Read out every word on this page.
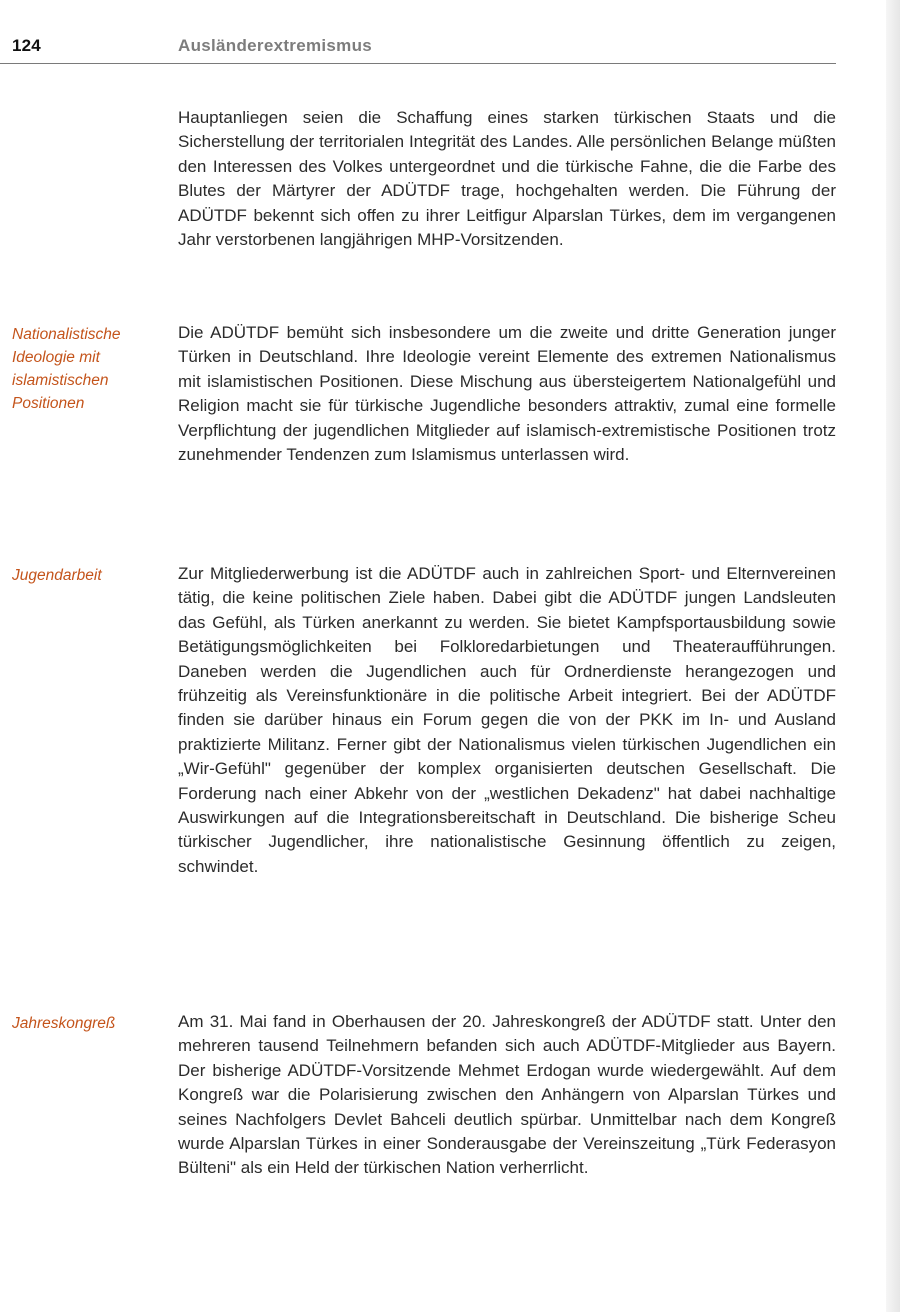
124	Ausländerextremismus

Hauptanliegen seien die Schaffung eines starken türkischen Staats und die Sicherstellung der territorialen Integrität des Landes. Alle persönlichen Belange müßten den Interessen des Volkes untergeordnet und die türkische Fahne, die die Farbe des Blutes der Märtyrer der ADÜTDF trage, hochgehalten werden. Die Führung der ADÜTDF bekennt sich offen zu ihrer Leitfigur Alparslan Türkes, dem im vergangenen Jahr verstorbenen langjährigen MHP-Vorsitzenden.

Nationalistische Ideologie mit islamistischen Positionen

Die ADÜTDF bemüht sich insbesondere um die zweite und dritte Generation junger Türken in Deutschland. Ihre Ideologie vereint Elemente des extremen Nationalismus mit islamistischen Positionen. Diese Mischung aus übersteigertem Nationalgefühl und Religion macht sie für türkische Jugendliche besonders attraktiv, zumal eine formelle Verpflichtung der jugendlichen Mitglieder auf islamisch-extremistische Positionen trotz zunehmender Tendenzen zum Islamismus unterlassen wird.

Jugendarbeit	Zur Mitgliederwerbung ist die ADÜTDF auch in zahlreichen Sport- und Elternvereinen tätig, die keine politischen Ziele haben. Dabei gibt die ADÜTDF jungen Landsleuten das Gefühl, als Türken anerkannt zu werden. Sie bietet Kampfsportausbildung sowie Betätigungsmöglichkeiten bei Folkloredarbietungen und Theateraufführungen. Daneben werden die Jugendlichen auch für Ordnerdienste herangezogen und frühzeitig als Vereinsfunktionäre in die politische Arbeit integriert. Bei der ADÜTDF finden sie darüber hinaus ein Forum gegen die von der PKK im In- und Ausland praktizierte Militanz. Ferner gibt der Nationalismus vielen türkischen Jugendlichen ein „Wir-Gefühl" gegenüber der komplex organisierten deutschen Gesellschaft. Die Forderung nach einer Abkehr von der „westlichen Dekadenz" hat dabei nachhaltige Auswirkungen auf die Integrationsbereitschaft in Deutschland. Die bisherige Scheu türkischer Jugendlicher, ihre nationalistische Gesinnung öffentlich zu zeigen, schwindet.

Jahreskongreß	Am 31. Mai fand in Oberhausen der 20. Jahreskongreß der ADÜTDF statt. Unter den mehreren tausend Teilnehmern befanden sich auch ADÜTDF-Mitglieder aus Bayern. Der bisherige ADÜTDF-Vorsitzende Mehmet Erdogan wurde wiedergewählt. Auf dem Kongreß war die Polarisierung zwischen den Anhängern von Alparslan Türkes und seines Nachfolgers Devlet Bahceli deutlich spürbar. Unmittelbar nach dem Kongreß wurde Alparslan Türkes in einer Sonderausgabe der Vereinszeitung „Türk Federasyon Bülteni" als ein Held der türkischen Nation verherrlicht.
